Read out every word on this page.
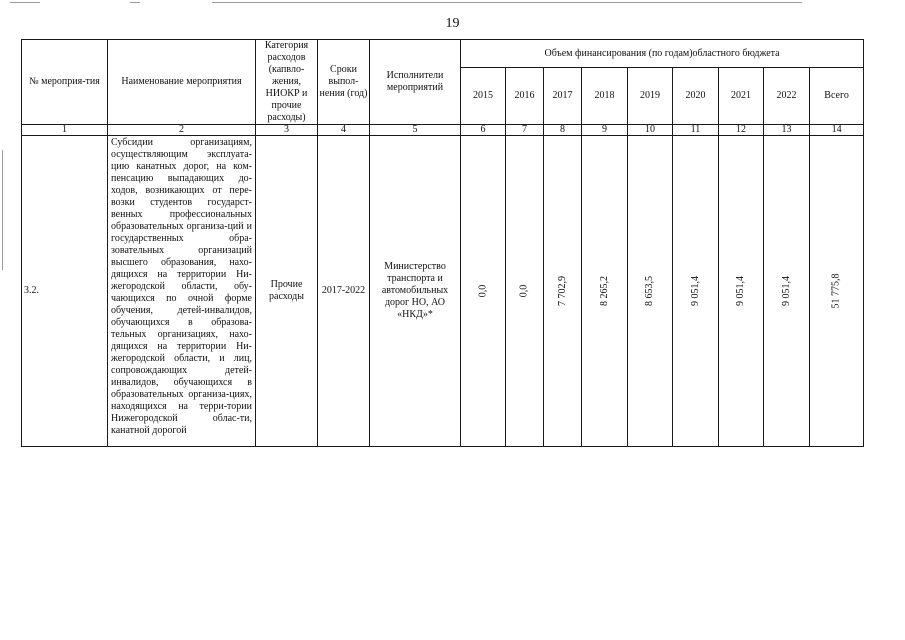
19
№ мероприя-тия	Наименование мероприятия	Категория расходов (капвло-жения, НИОКР и прочие расходы)	Сроки выпол-нения (год)	Исполнители мероприятий	Объем финансирования (по годам)областного бюджета								
					2015	2016	2017	2018	2019	2020	2021	2022	Всего
1	2	3	4	5	6	7	8	9	10	11	12	13	14
3.2.	Субсидии организациям, осуществляющим эксплуата-цию канатных дорог, на ком-пенсацию выпадающих до-ходов, возникающих от пере-возки студентов государст-венных профессиональных образовательных организа-ций и государственных обра-зовательных организаций высшего образования, нахо-дящихся на территории Ни-жегородской области, обу-чающихся по очной форме обучения, детей-инвалидов, обучающихся в образова-тельных организациях, нахо-дящихся на территории Ни-жегородской области, и лиц, сопровождающих детей-инвалидов, обучающихся в образовательных организа-циях, находящихся на терри-тории Нижегородской облас-ти, канатной дорогой	Прочие расходы	2017-2022	Министерство транспорта и автомобильных дорог НО, АО «НКД»*	0,0	0,0	7 702,9	8 265,2	8 653,5	9 051,4	9 051,4	9 051,4	51 775,8
